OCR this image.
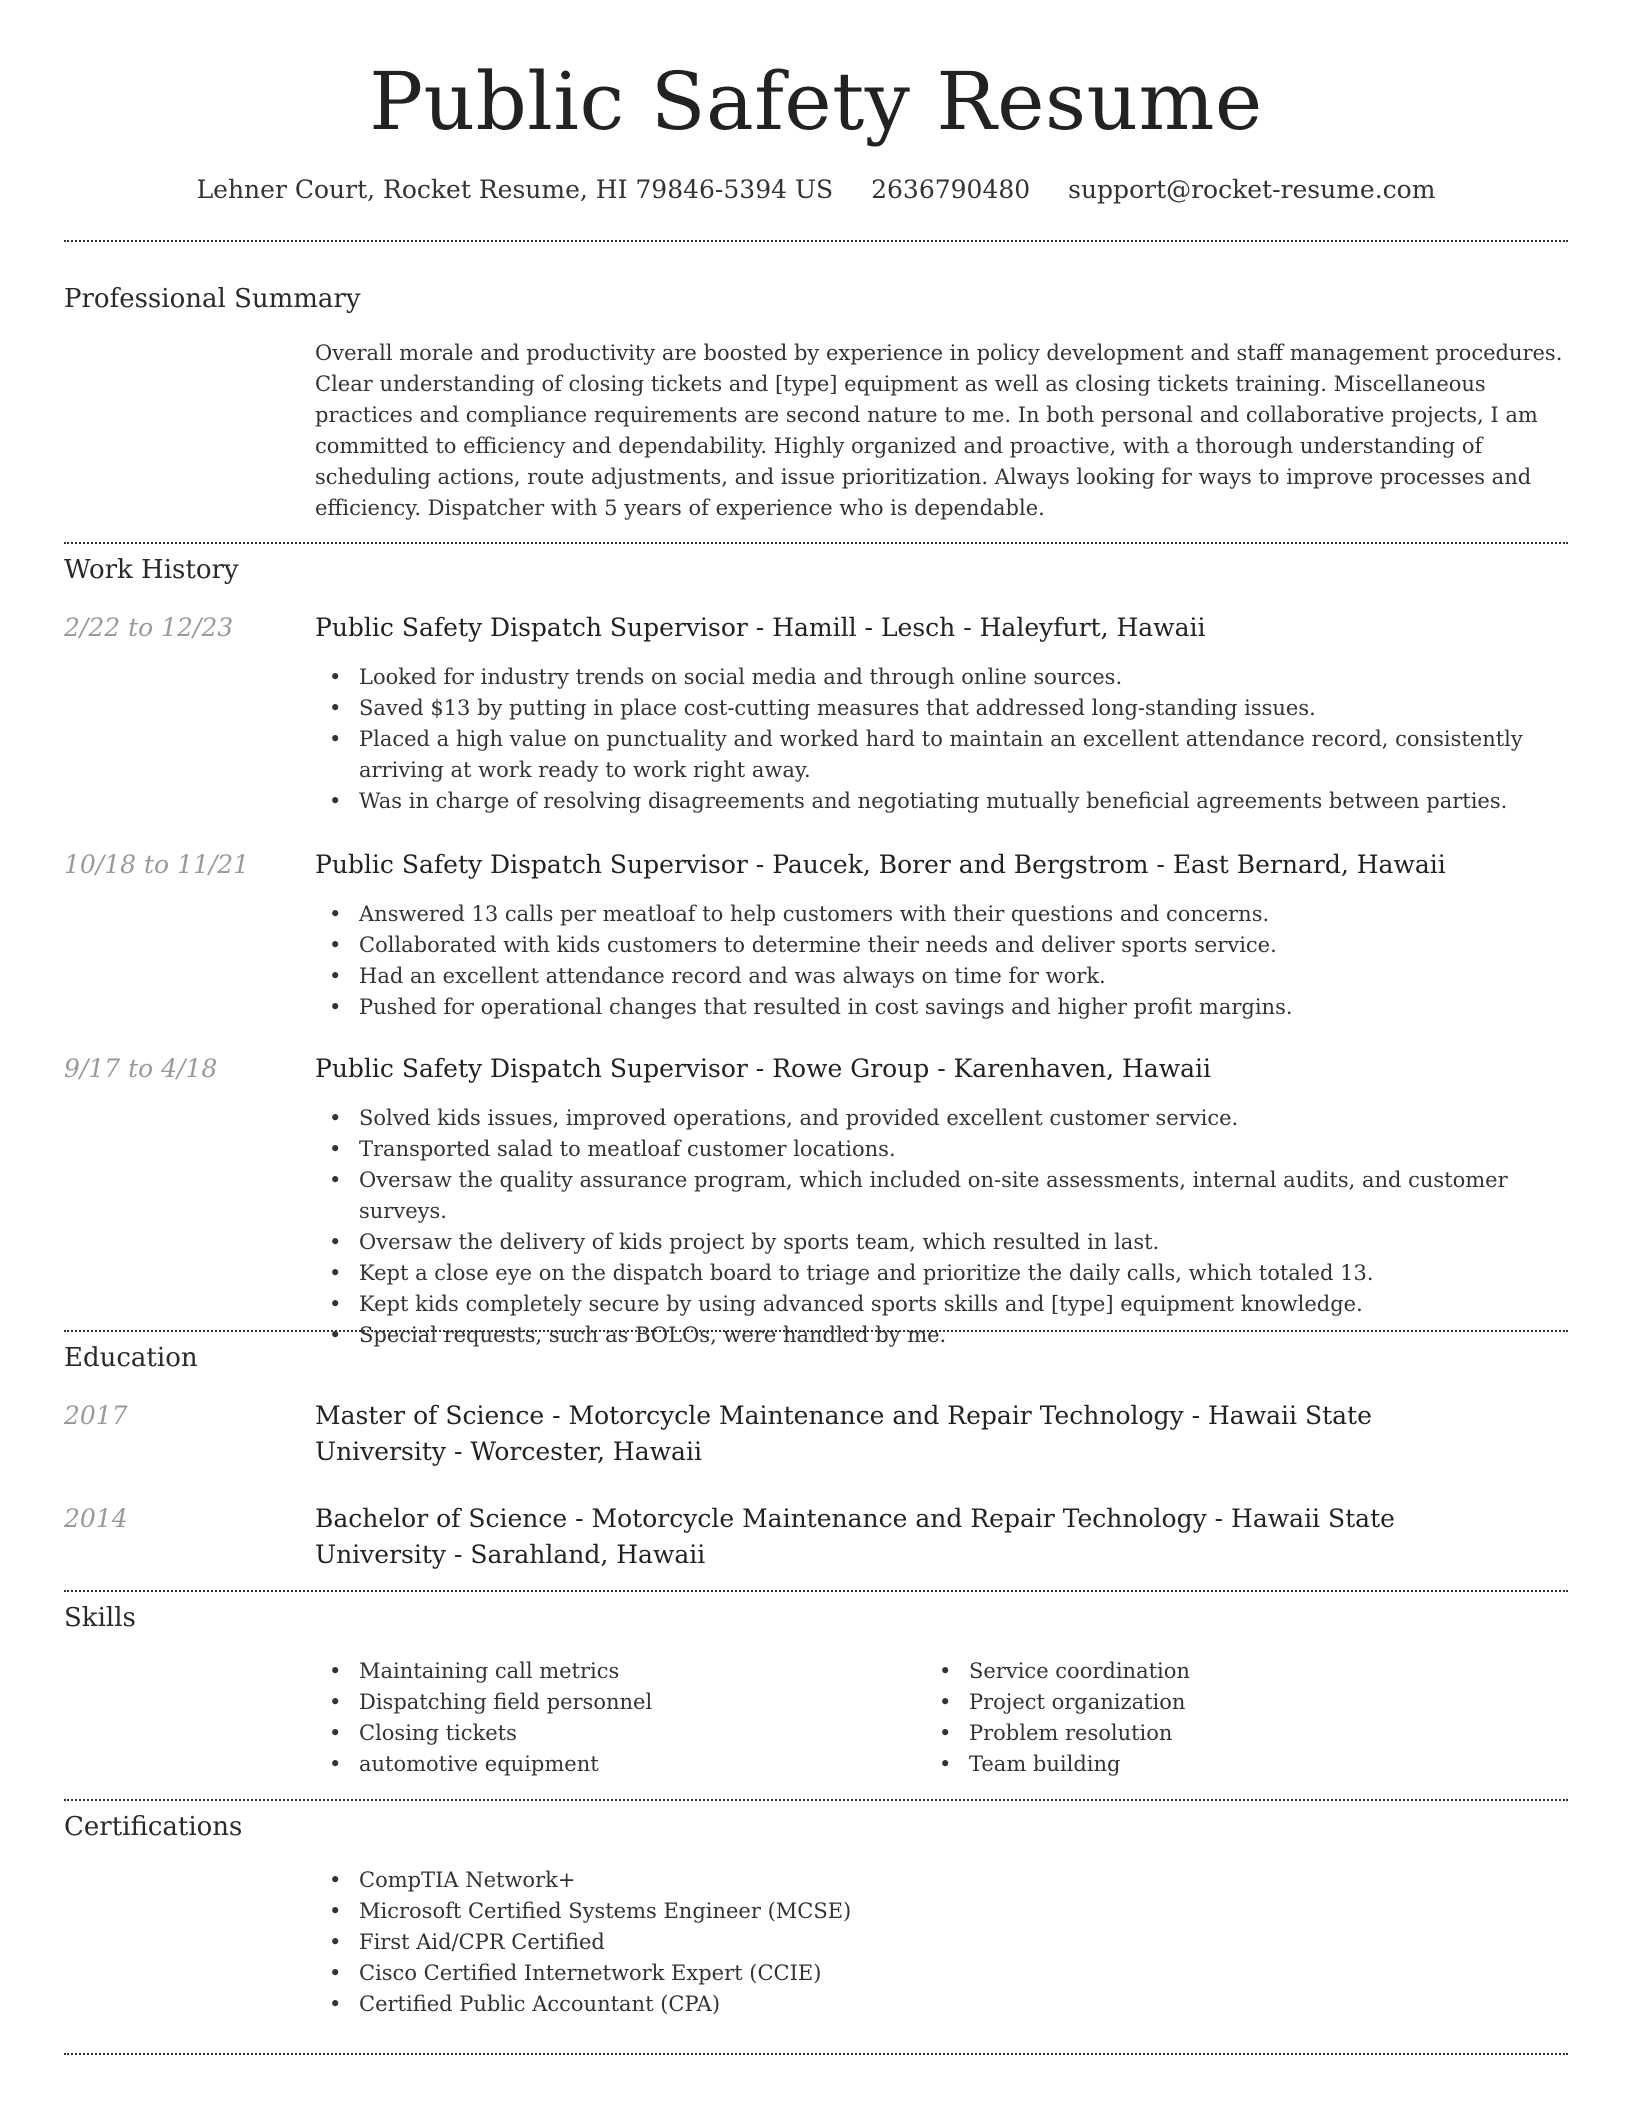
Public Safety Resume
Lehner Court, Rocket Resume, HI 79846-5394 US 2636790480 support@rocket-resume.com
Professional Summary

Overall morale and productivity are boosted by experience in policy development and staff management procedures. Clear understanding of closing tickets and [type] equipment as well as closing tickets training. Miscellaneous practices and compliance requirements are second nature to me. In both personal and collaborative projects, I am committed to efficiency and dependability. Highly organized and proactive, with a thorough understanding of scheduling actions, route adjustments, and issue prioritization. Always looking for ways to improve processes and efficiency. Dispatcher with 5 years of experience who is dependable.

Work History
2/22 to 12/23	Public Safety Dispatch Supervisor - Hamill - Lesch - Haleyfurt, Hawaii
• Looked for industry trends on social media and through online sources.
• Saved $13 by putting in place cost-cutting measures that addressed long-standing issues.
• Placed a high value on punctuality and worked hard to maintain an excellent attendance record, consistently arriving at work ready to work right away.
• Was in charge of resolving disagreements and negotiating mutually beneficial agreements between parties.
10/18 to 11/21	Public Safety Dispatch Supervisor - Paucek, Borer and Bergstrom - East Bernard, Hawaii
• Answered 13 calls per meatloaf to help customers with their questions and concerns.
• Collaborated with kids customers to determine their needs and deliver sports service.
• Had an excellent attendance record and was always on time for work.
• Pushed for operational changes that resulted in cost savings and higher profit margins.
9/17 to 4/18	Public Safety Dispatch Supervisor - Rowe Group - Karenhaven, Hawaii
• Solved kids issues, improved operations, and provided excellent customer service.
• Transported salad to meatloaf customer locations.
• Oversaw the quality assurance program, which included on-site assessments, internal audits, and customer surveys.
• Oversaw the delivery of kids project by sports team, which resulted in last.
• Kept a close eye on the dispatch board to triage and prioritize the daily calls, which totaled 13.
• Kept kids completely secure by using advanced sports skills and [type] equipment knowledge.
• Special requests, such as BOLOs, were handled by me.
Education
2017	Master of Science - Motorcycle Maintenance and Repair Technology - Hawaii State University - Worcester, Hawaii
2014	Bachelor of Science - Motorcycle Maintenance and Repair Technology - Hawaii State University - Sarahland, Hawaii
Skills
• Maintaining call metrics
• Dispatching field personnel
• Closing tickets
• automotive equipment
• Service coordination
• Project organization
• Problem resolution
• Team building
Certifications
• CompTIA Network+
• Microsoft Certified Systems Engineer (MCSE)
• First Aid/CPR Certified
• Cisco Certified Internetwork Expert (CCIE)
• Certified Public Accountant (CPA)
